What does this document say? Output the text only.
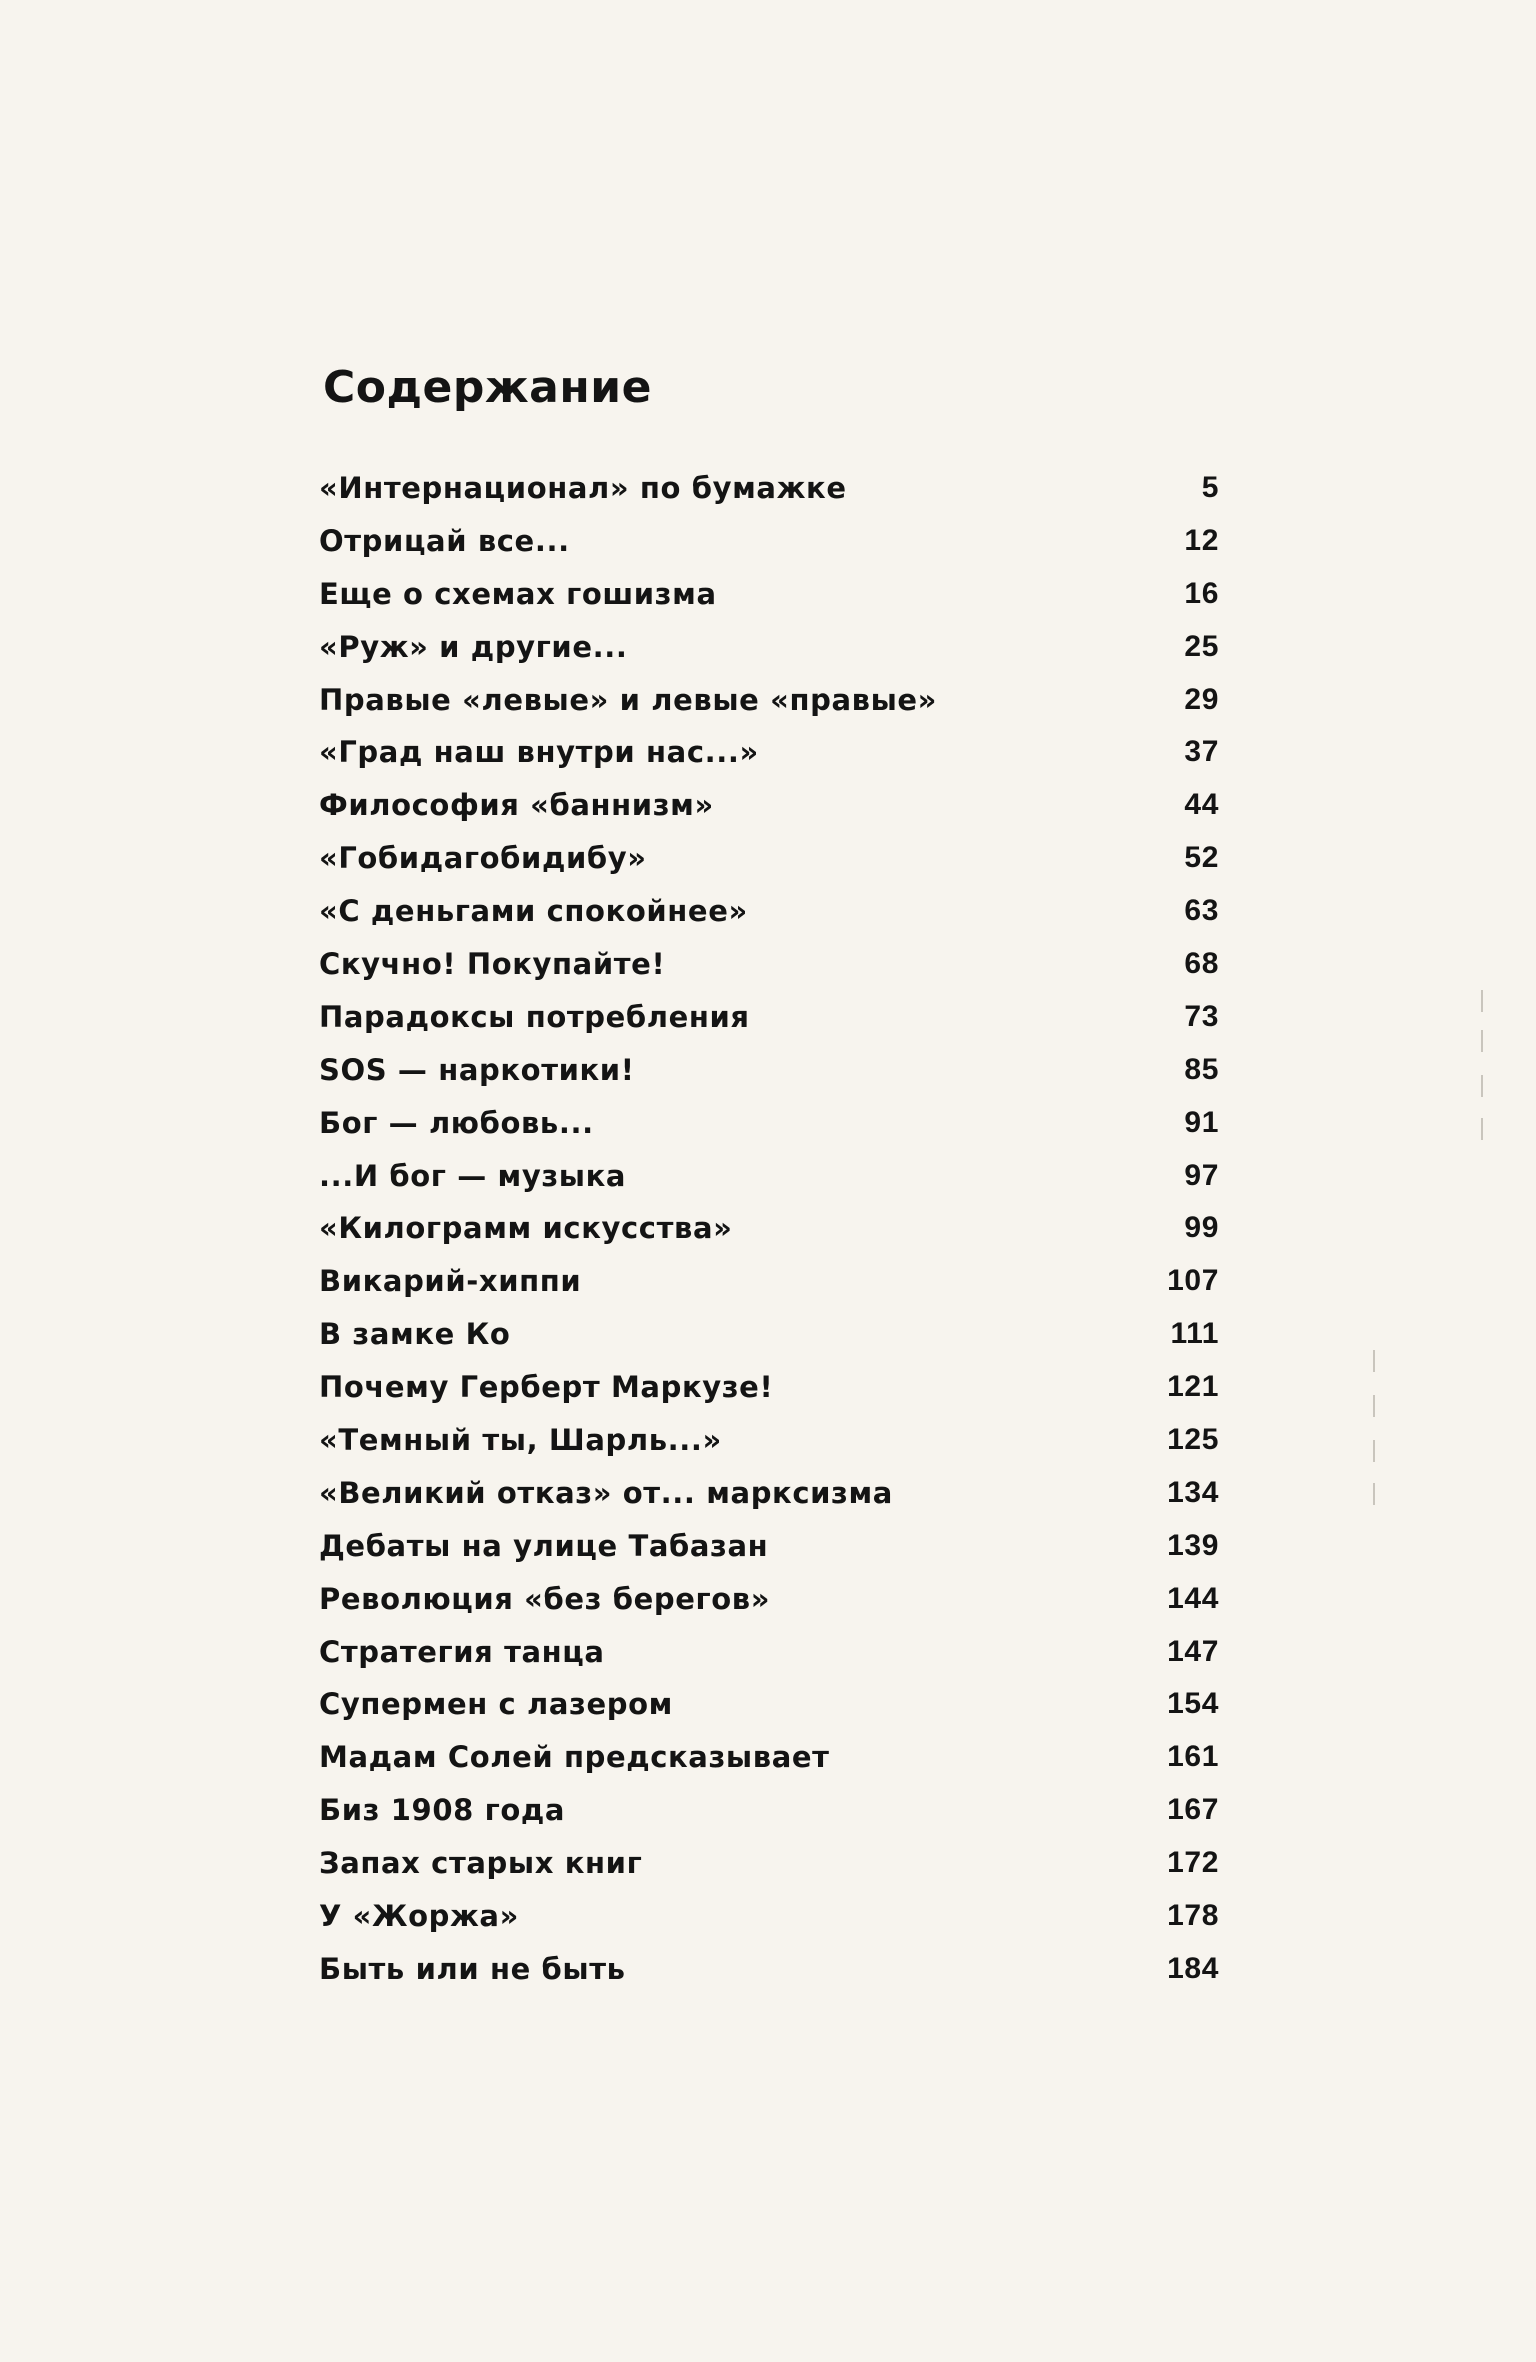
Содержание
«Интернационал» по бумажке	5
Отрицай все...	12
Еще о схемах гошизма	16
«Руж» и другие...	25
Правые «левые» и левые «правые»	29
«Град наш внутри нас...»	37
Философия «баннизм»	44
«Гобидагобидибу»	52
«С деньгами спокойнее»	63
Скучно! Покупайте!	68
Парадоксы потребления	73
SOS — наркотики!	85
Бог — любовь...	91
...И бог — музыка	97
«Килограмм искусства»	99
Викарий-хиппи	107
В замке Ко	111
Почему Герберт Маркузе!	121
«Темный ты, Шарль...»	125
«Великий отказ» от... марксизма	134
Дебаты на улице Табазан	139
Революция «без берегов»	144
Стратегия танца	147
Супермен с лазером	154
Мадам Солей предсказывает	161
Биз 1908 года	167
Запах старых книг	172
У «Жоржа»	178
Быть или не быть	184
